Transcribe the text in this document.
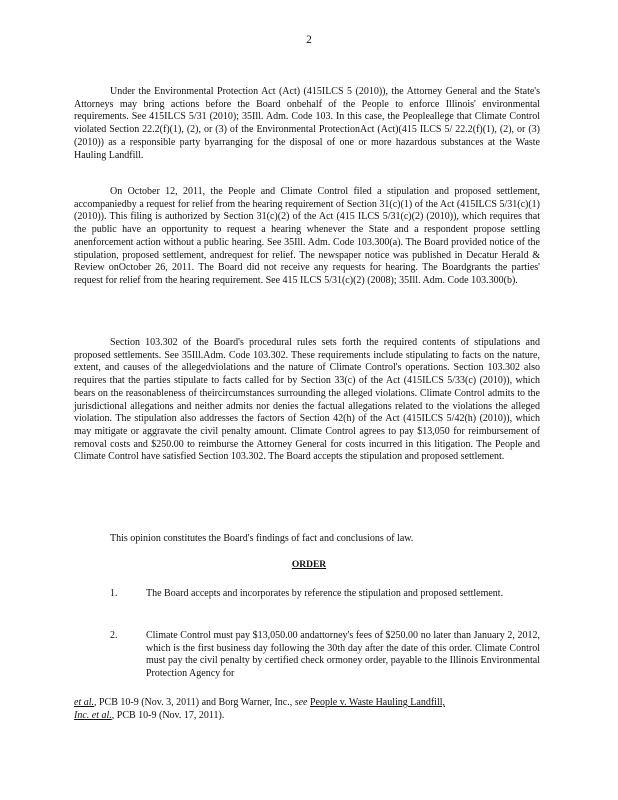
2

Under the Environmental Protection Act (Act) (415ILCS 5 (2010)), the Attorney General and the State's Attorneys may bring actions before the Board onbehalf of the People to enforce Illinois' environmental requirements. See 415ILCS 5/31 (2010); 35Ill. Adm. Code 103. In this case, the Peopleallege that Climate Control violated Section 22.2(f)(1), (2), or (3) of the Environmental ProtectionAct (Act)(415 ILCS 5/ 22.2(f)(1), (2), or (3) (2010)) as a responsible party byarranging for the disposal of one or more hazardous substances at the Waste Hauling Landfill.

On October 12, 2011, the People and Climate Control filed a stipulation and proposed settlement, accompaniedby a request for relief from the hearing requirement of Section 31(c)(1) of the Act (415ILCS 5/31(c)(1) (2010)). This filing is authorized by Section 31(c)(2) of the Act (415 ILCS 5/31(c)(2) (2010)), which requires that the public have an opportunity to request a hearing whenever the State and a respondent propose settling anenforcement action without a public hearing. See 35Ill. Adm. Code 103.300(a). The Board provided notice of the stipulation, proposed settlement, andrequest for relief. The newspaper notice was published in Decatur Herald & Review onOctober 26, 2011. The Board did not receive any requests for hearing. The Boardgrants the parties' request for relief from the hearing requirement. See 415 ILCS 5/31(c)(2) (2008); 35Ill. Adm. Code 103.300(b).

Section 103.302 of the Board's procedural rules sets forth the required contents of stipulations and proposed settlements. See 35Ill.Adm. Code 103.302. These requirements include stipulating to facts on the nature, extent, and causes of the allegedviolations and the nature of Climate Control's operations. Section 103.302 also requires that the parties stipulate to facts called for by Section 33(c) of the Act (415ILCS 5/33(c) (2010)), which bears on the reasonableness of theircircumstances surrounding the alleged violations. Climate Control admits to the jurisdictional allegations and neither admits nor denies the factual allegations related to the violations the alleged violation. The stipulation also addresses the factors of Section 42(h) of the Act (415ILCS 5/42(h) (2010)), which may mitigate or aggravate the civil penalty amount. Climate Control agrees to pay $13,050 for reimbursement of removal costs and $250.00 to reimburse the Attorney General for costs incurred in this litigation. The People and Climate Control have satisfied Section 103.302. The Board accepts the stipulation and proposed settlement.

This opinion constitutes the Board's findings of fact and conclusions of law.

ORDER
1.	The Board accepts and incorporates by reference the stipulation and proposed settlement.
2.	Climate Control must pay $13,050.00 andattorney's fees of $250.00 no later than January 2, 2012, which is the first business day following the 30th day after the date of this order. Climate Control must pay the civil penalty by certified check ormoney order, payable to the Illinois Environmental Protection Agency for
et al., PCB 10-9 (Nov. 3, 2011) and Borg Warner, Inc., see People v. Waste Hauling Landfill,
Inc. et al., PCB 10-9 (Nov. 17, 2011).
